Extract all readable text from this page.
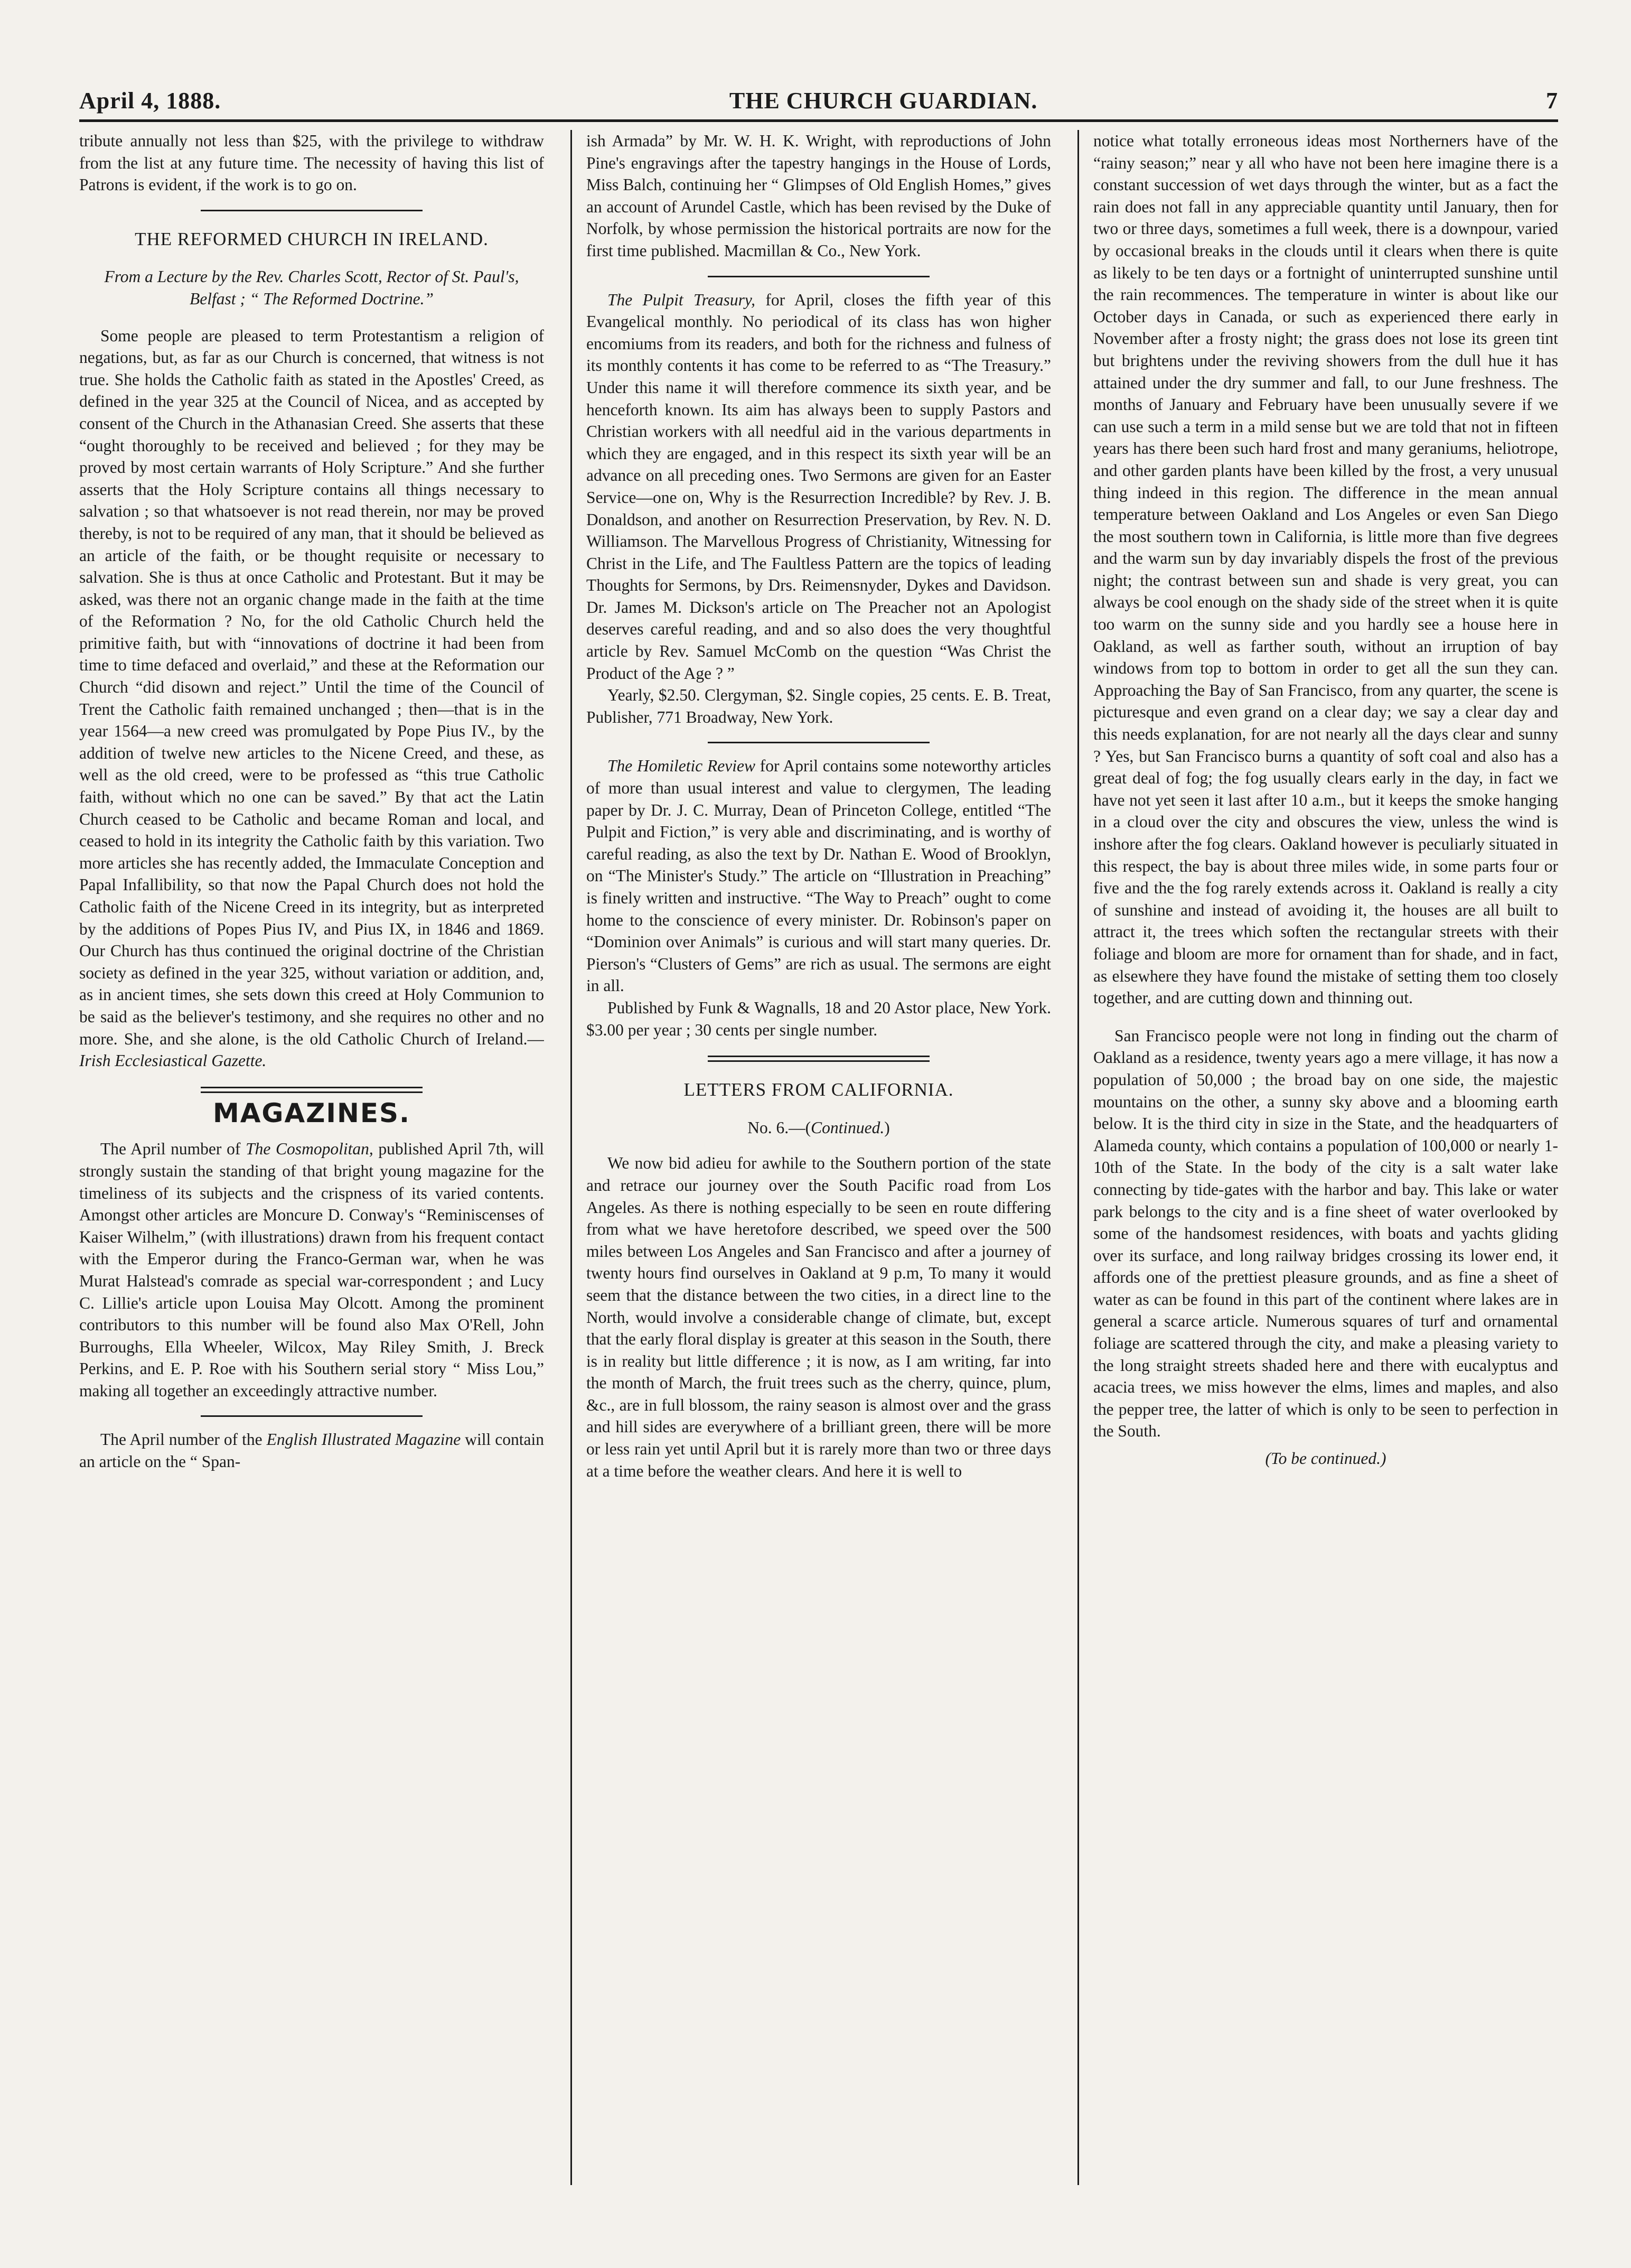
April 4, 1888.	THE CHURCH GUARDIAN.	7

tribute annually not less than $25, with the privilege to withdraw from the list at any future time. The necessity of having this list of Patrons is evident, if the work is to go on.

THE REFORMED CHURCH IN IRELAND.
From a Lecture by the Rev. Charles Scott, Rector of St. Paul's, Belfast ; “ The Reformed Doctrine.”

Some people are pleased to term Protestantism a religion of negations, but, as far as our Church is concerned, that witness is not true. She holds the Catholic faith as stated in the Apostles' Creed, as defined in the year 325 at the Council of Nicea, and as accepted by consent of the Church in the Athanasian Creed. She asserts that these “ought thoroughly to be received and believed ; for they may be proved by most certain warrants of Holy Scripture.” And she further asserts that the Holy Scripture contains all things necessary to salvation ; so that whatsoever is not read therein, nor may be proved thereby, is not to be required of any man, that it should be believed as an article of the faith, or be thought requisite or necessary to salvation. She is thus at once Catholic and Protestant. But it may be asked, was there not an organic change made in the faith at the time of the Reformation ? No, for the old Catholic Church held the primitive faith, but with “innovations of doctrine it had been from time to time defaced and overlaid,” and these at the Reformation our Church “did disown and reject.” Until the time of the Council of Trent the Catholic faith remained unchanged ; then—that is in the year 1564—a new creed was promulgated by Pope Pius IV., by the addition of twelve new articles to the Nicene Creed, and these, as well as the old creed, were to be professed as “this true Catholic faith, without which no one can be saved.” By that act the Latin Church ceased to be Catholic and became Roman and local, and ceased to hold in its integrity the Catholic faith by this variation. Two more articles she has recently added, the Immaculate Conception and Papal Infallibility, so that now the Papal Church does not hold the Catholic faith of the Nicene Creed in its integrity, but as interpreted by the additions of Popes Pius IV, and Pius IX, in 1846 and 1869. Our Church has thus continued the original doctrine of the Christian society as defined in the year 325, without variation or addition, and, as in ancient times, she sets down this creed at Holy Communion to be said as the believer's testimony, and she requires no other and no more. She, and she alone, is the old Catholic Church of Ireland.—Irish Ecclesiastical Gazette.

MAGAZINES.

The April number of The Cosmopolitan, published April 7th, will strongly sustain the standing of that bright young magazine for the timeliness of its subjects and the crispness of its varied contents. Amongst other articles are Moncure D. Conway's “Reminiscenses of Kaiser Wilhelm,” (with illustrations) drawn from his frequent contact with the Emperor during the Franco-German war, when he was Murat Halstead's comrade as special war-correspondent ; and Lucy C. Lillie's article upon Louisa May Olcott. Among the prominent contributors to this number will be found also Max O'Rell, John Burroughs, Ella Wheeler, Wilcox, May Riley Smith, J. Breck Perkins, and E. P. Roe with his Southern serial story “ Miss Lou,” making all together an exceedingly attractive number.

The April number of the English Illustrated Magazine will contain an article on the “ Span-

ish Armada” by Mr. W. H. K. Wright, with reproductions of John Pine's engravings after the tapestry hangings in the House of Lords, Miss Balch, continuing her “ Glimpses of Old English Homes,” gives an account of Arundel Castle, which has been revised by the Duke of Norfolk, by whose permission the historical portraits are now for the first time published. Macmillan & Co., New York.

The Pulpit Treasury, for April, closes the fifth year of this Evangelical monthly. No periodical of its class has won higher encomiums from its readers, and both for the richness and fulness of its monthly contents it has come to be referred to as “The Treasury.” Under this name it will therefore commence its sixth year, and be henceforth known. Its aim has always been to supply Pastors and Christian workers with all needful aid in the various departments in which they are engaged, and in this respect its sixth year will be an advance on all preceding ones. Two Sermons are given for an Easter Service—one on, Why is the Resurrection Incredible? by Rev. J. B. Donaldson, and another on Resurrection Preservation, by Rev. N. D. Williamson. The Marvellous Progress of Christianity, Witnessing for Christ in the Life, and The Faultless Pattern are the topics of leading Thoughts for Sermons, by Drs. Reimensnyder, Dykes and Davidson. Dr. James M. Dickson's article on The Preacher not an Apologist deserves careful reading, and and so also does the very thoughtful article by Rev. Samuel McComb on the question “Was Christ the Product of the Age ? ”

Yearly, $2.50. Clergyman, $2. Single copies, 25 cents. E. B. Treat, Publisher, 771 Broadway, New York.

The Homiletic Review for April contains some noteworthy articles of more than usual interest and value to clergymen, The leading paper by Dr. J. C. Murray, Dean of Princeton College, entitled “The Pulpit and Fiction,” is very able and discriminating, and is worthy of careful reading, as also the text by Dr. Nathan E. Wood of Brooklyn, on “The Minister's Study.” The article on “Illustration in Preaching” is finely written and instructive. “The Way to Preach” ought to come home to the conscience of every minister. Dr. Robinson's paper on “Dominion over Animals” is curious and will start many queries. Dr. Pierson's “Clusters of Gems” are rich as usual. The sermons are eight in all.

Published by Funk & Wagnalls, 18 and 20 Astor place, New York. $3.00 per year ; 30 cents per single number.

LETTERS FROM CALIFORNIA.
No. 6.—(Continued.)

We now bid adieu for awhile to the Southern portion of the state and retrace our journey over the South Pacific road from Los Angeles. As there is nothing especially to be seen en route differing from what we have heretofore described, we speed over the 500 miles between Los Angeles and San Francisco and after a journey of twenty hours find ourselves in Oakland at 9 p.m, To many it would seem that the distance between the two cities, in a direct line to the North, would involve a considerable change of climate, but, except that the early floral display is greater at this season in the South, there is in reality but little difference ; it is now, as I am writing, far into the month of March, the fruit trees such as the cherry, quince, plum, &c., are in full blossom, the rainy season is almost over and the grass and hill sides are everywhere of a brilliant green, there will be more or less rain yet until April but it is rarely more than two or three days at a time before the weather clears. And here it is well to

notice what totally erroneous ideas most Northerners have of the “rainy season;” near y all who have not been here imagine there is a constant succession of wet days through the winter, but as a fact the rain does not fall in any appreciable quantity until January, then for two or three days, sometimes a full week, there is a downpour, varied by occasional breaks in the clouds until it clears when there is quite as likely to be ten days or a fortnight of uninterrupted sunshine until the rain recommences. The temperature in winter is about like our October days in Canada, or such as experienced there early in November after a frosty night; the grass does not lose its green tint but brightens under the reviving showers from the dull hue it has attained under the dry summer and fall, to our June freshness. The months of January and February have been unusually severe if we can use such a term in a mild sense but we are told that not in fifteen years has there been such hard frost and many geraniums, heliotrope, and other garden plants have been killed by the frost, a very unusual thing indeed in this region. The difference in the mean annual temperature between Oakland and Los Angeles or even San Diego the most southern town in California, is little more than five degrees and the warm sun by day invariably dispels the frost of the previous night; the contrast between sun and shade is very great, you can always be cool enough on the shady side of the street when it is quite too warm on the sunny side and you hardly see a house here in Oakland, as well as farther south, without an irruption of bay windows from top to bottom in order to get all the sun they can. Approaching the Bay of San Francisco, from any quarter, the scene is picturesque and even grand on a clear day; we say a clear day and this needs explanation, for are not nearly all the days clear and sunny ? Yes, but San Francisco burns a quantity of soft coal and also has a great deal of fog; the fog usually clears early in the day, in fact we have not yet seen it last after 10 a.m., but it keeps the smoke hanging in a cloud over the city and obscures the view, unless the wind is inshore after the fog clears. Oakland however is peculiarly situated in this respect, the bay is about three miles wide, in some parts four or five and the the fog rarely extends across it. Oakland is really a city of sunshine and instead of avoiding it, the houses are all built to attract it, the trees which soften the rectangular streets with their foliage and bloom are more for ornament than for shade, and in fact, as elsewhere they have found the mistake of setting them too closely together, and are cutting down and thinning out.

San Francisco people were not long in finding out the charm of Oakland as a residence, twenty years ago a mere village, it has now a population of 50,000 ; the broad bay on one side, the majestic mountains on the other, a sunny sky above and a blooming earth below. It is the third city in size in the State, and the headquarters of Alameda county, which contains a population of 100,000 or nearly 1-10th of the State. In the body of the city is a salt water lake connecting by tide-gates with the harbor and bay. This lake or water park belongs to the city and is a fine sheet of water overlooked by some of the handsomest residences, with boats and yachts gliding over its surface, and long railway bridges crossing its lower end, it affords one of the prettiest pleasure grounds, and as fine a sheet of water as can be found in this part of the continent where lakes are in general a scarce article. Numerous squares of turf and ornamental foliage are scattered through the city, and make a pleasing variety to the long straight streets shaded here and there with eucalyptus and acacia trees, we miss however the elms, limes and maples, and also the pepper tree, the latter of which is only to be seen to perfection in the South.

(To be continued.)
